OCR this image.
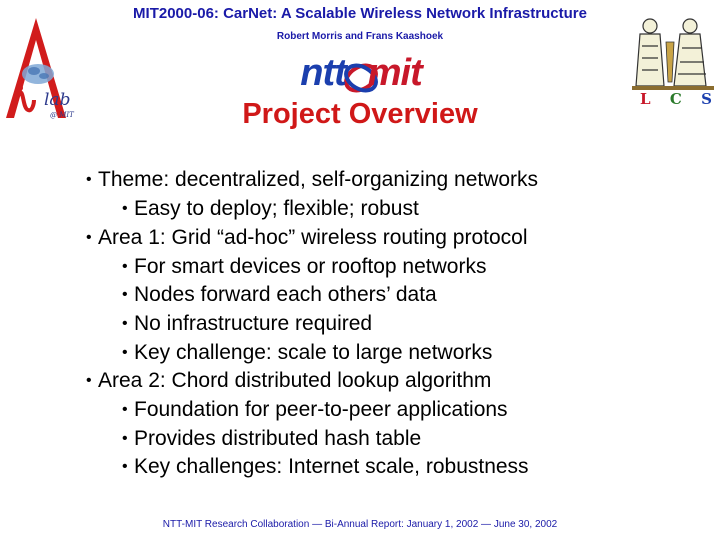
MIT2000-06: CarNet: A Scalable Wireless Network Infrastructure
Robert Morris and Frans Kaashoek
lab
@ MIT
ntt mit
L C S
Project Overview
• Theme: decentralized, self-organizing networks
• Easy to deploy; flexible; robust
• Area 1: Grid “ad-hoc” wireless routing protocol
• For smart devices or rooftop networks
• Nodes forward each others’ data
• No infrastructure required
• Key challenge: scale to large networks
• Area 2: Chord distributed lookup algorithm
• Foundation for peer-to-peer applications
• Provides distributed hash table
• Key challenges: Internet scale, robustness
NTT-MIT Research Collaboration — Bi-Annual Report: January 1, 2002 — June 30, 2002
